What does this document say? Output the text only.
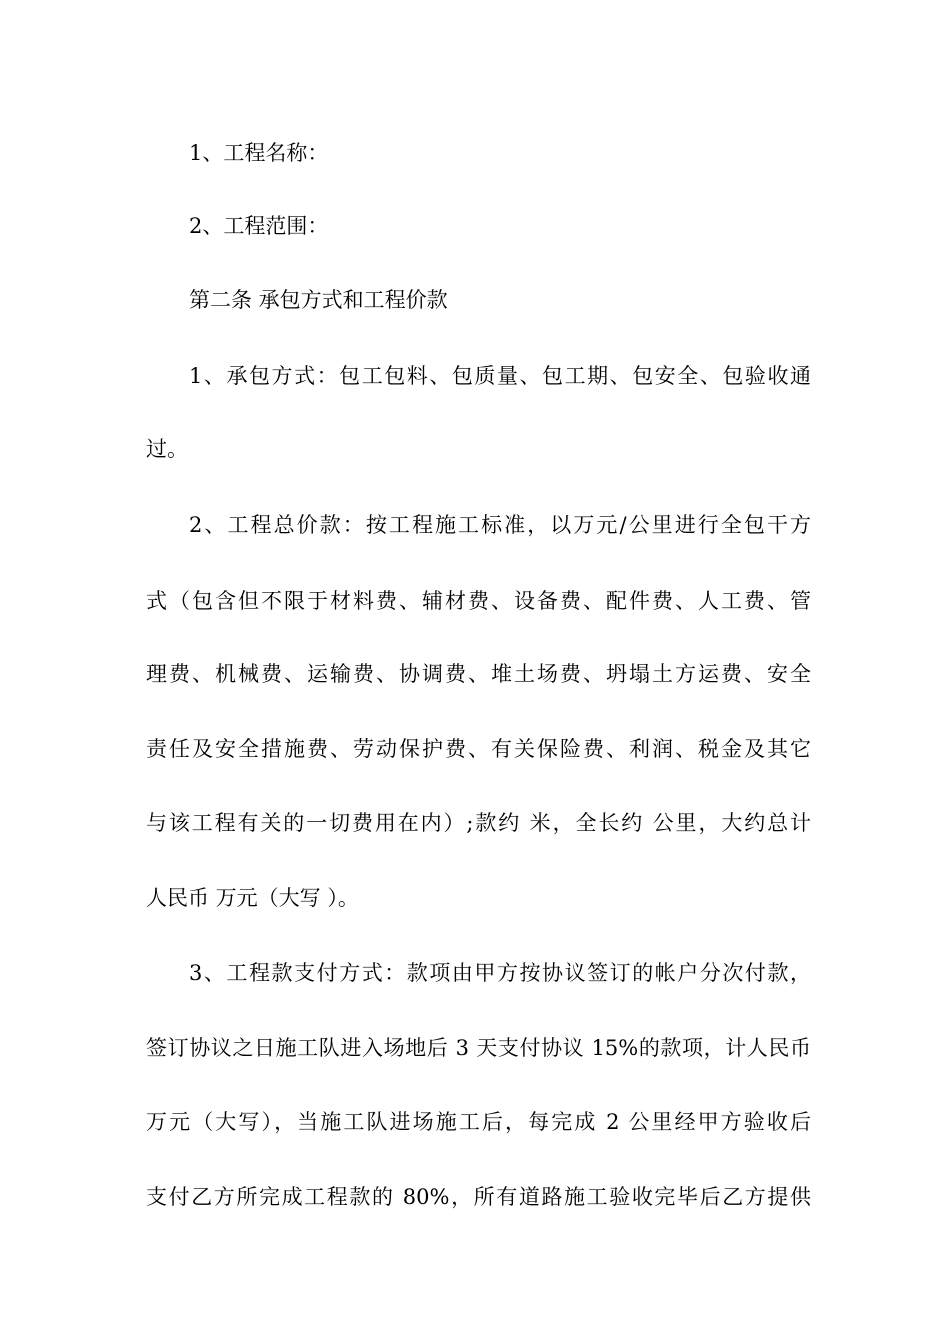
1、工程名称：
2、工程范围：
第二条 承包方式和工程价款
1、承包方式：包工包料、包质量、包工期、包安全、包验收通
过。
2、工程总价款：按工程施工标准，以万元/公里进行全包干方
式（包含但不限于材料费、辅材费、设备费、配件费、人工费、管
理费、机械费、运输费、协调费、堆土场费、坍塌土方运费、安全
责任及安全措施费、劳动保护费、有关保险费、利润、税金及其它
与该工程有关的一切费用在内）;款约 米，全长约 公里，大约总计
人民币 万元（大写 ）。
3、工程款支付方式：款项由甲方按协议签订的帐户分次付款，
签订协议之日施工队进入场地后 3 天支付协议 15%的款项，计人民币
万元（大写），当施工队进场施工后，每完成 2 公里经甲方验收后
支付乙方所完成工程款的 80%，所有道路施工验收完毕后乙方提供
